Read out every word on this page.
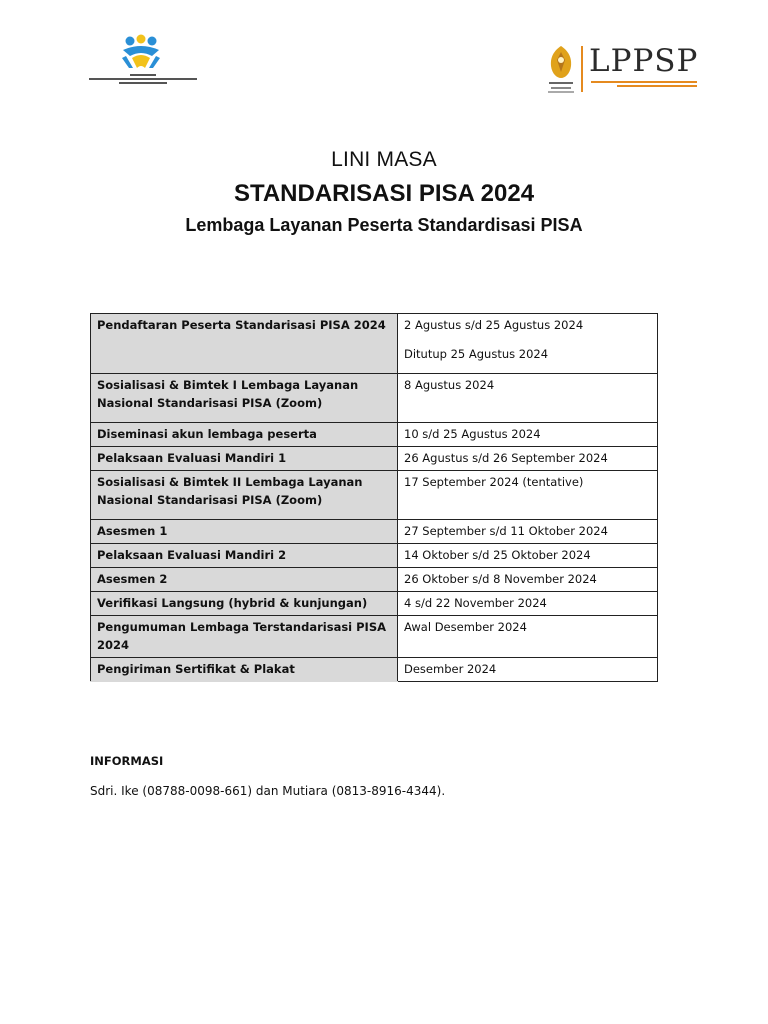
LPPSP
LINI MASA
STANDARISASI PISA 2024
Lembaga Layanan Peserta Standardisasi PISA
Pendaftaran Peserta Standarisasi PISA 2024	2 Agustus s/d 25 Agustus 2024

Ditutup 25 Agustus 2024

Sosialisasi & Bimtek I Lembaga Layanan Nasional Standarisasi PISA (Zoom)	8 Agustus 2024
Diseminasi akun lembaga peserta	10 s/d 25 Agustus 2024
Pelaksaan Evaluasi Mandiri 1	26 Agustus s/d 26 September 2024
Sosialisasi & Bimtek II Lembaga Layanan Nasional Standarisasi PISA (Zoom)	17 September 2024 (tentative)
Asesmen 1	27 September s/d 11 Oktober 2024
Pelaksaan Evaluasi Mandiri 2	14 Oktober s/d 25 Oktober 2024
Asesmen 2	26 Oktober s/d 8 November 2024
Verifikasi Langsung (hybrid & kunjungan)	4 s/d 22 November 2024
Pengumuman Lembaga Terstandarisasi PISA 2024	Awal Desember 2024
Pengiriman Sertifikat & Plakat	Desember 2024

INFORMASI

Sdri. Ike (08788-0098-661) dan Mutiara (0813-8916-4344).
